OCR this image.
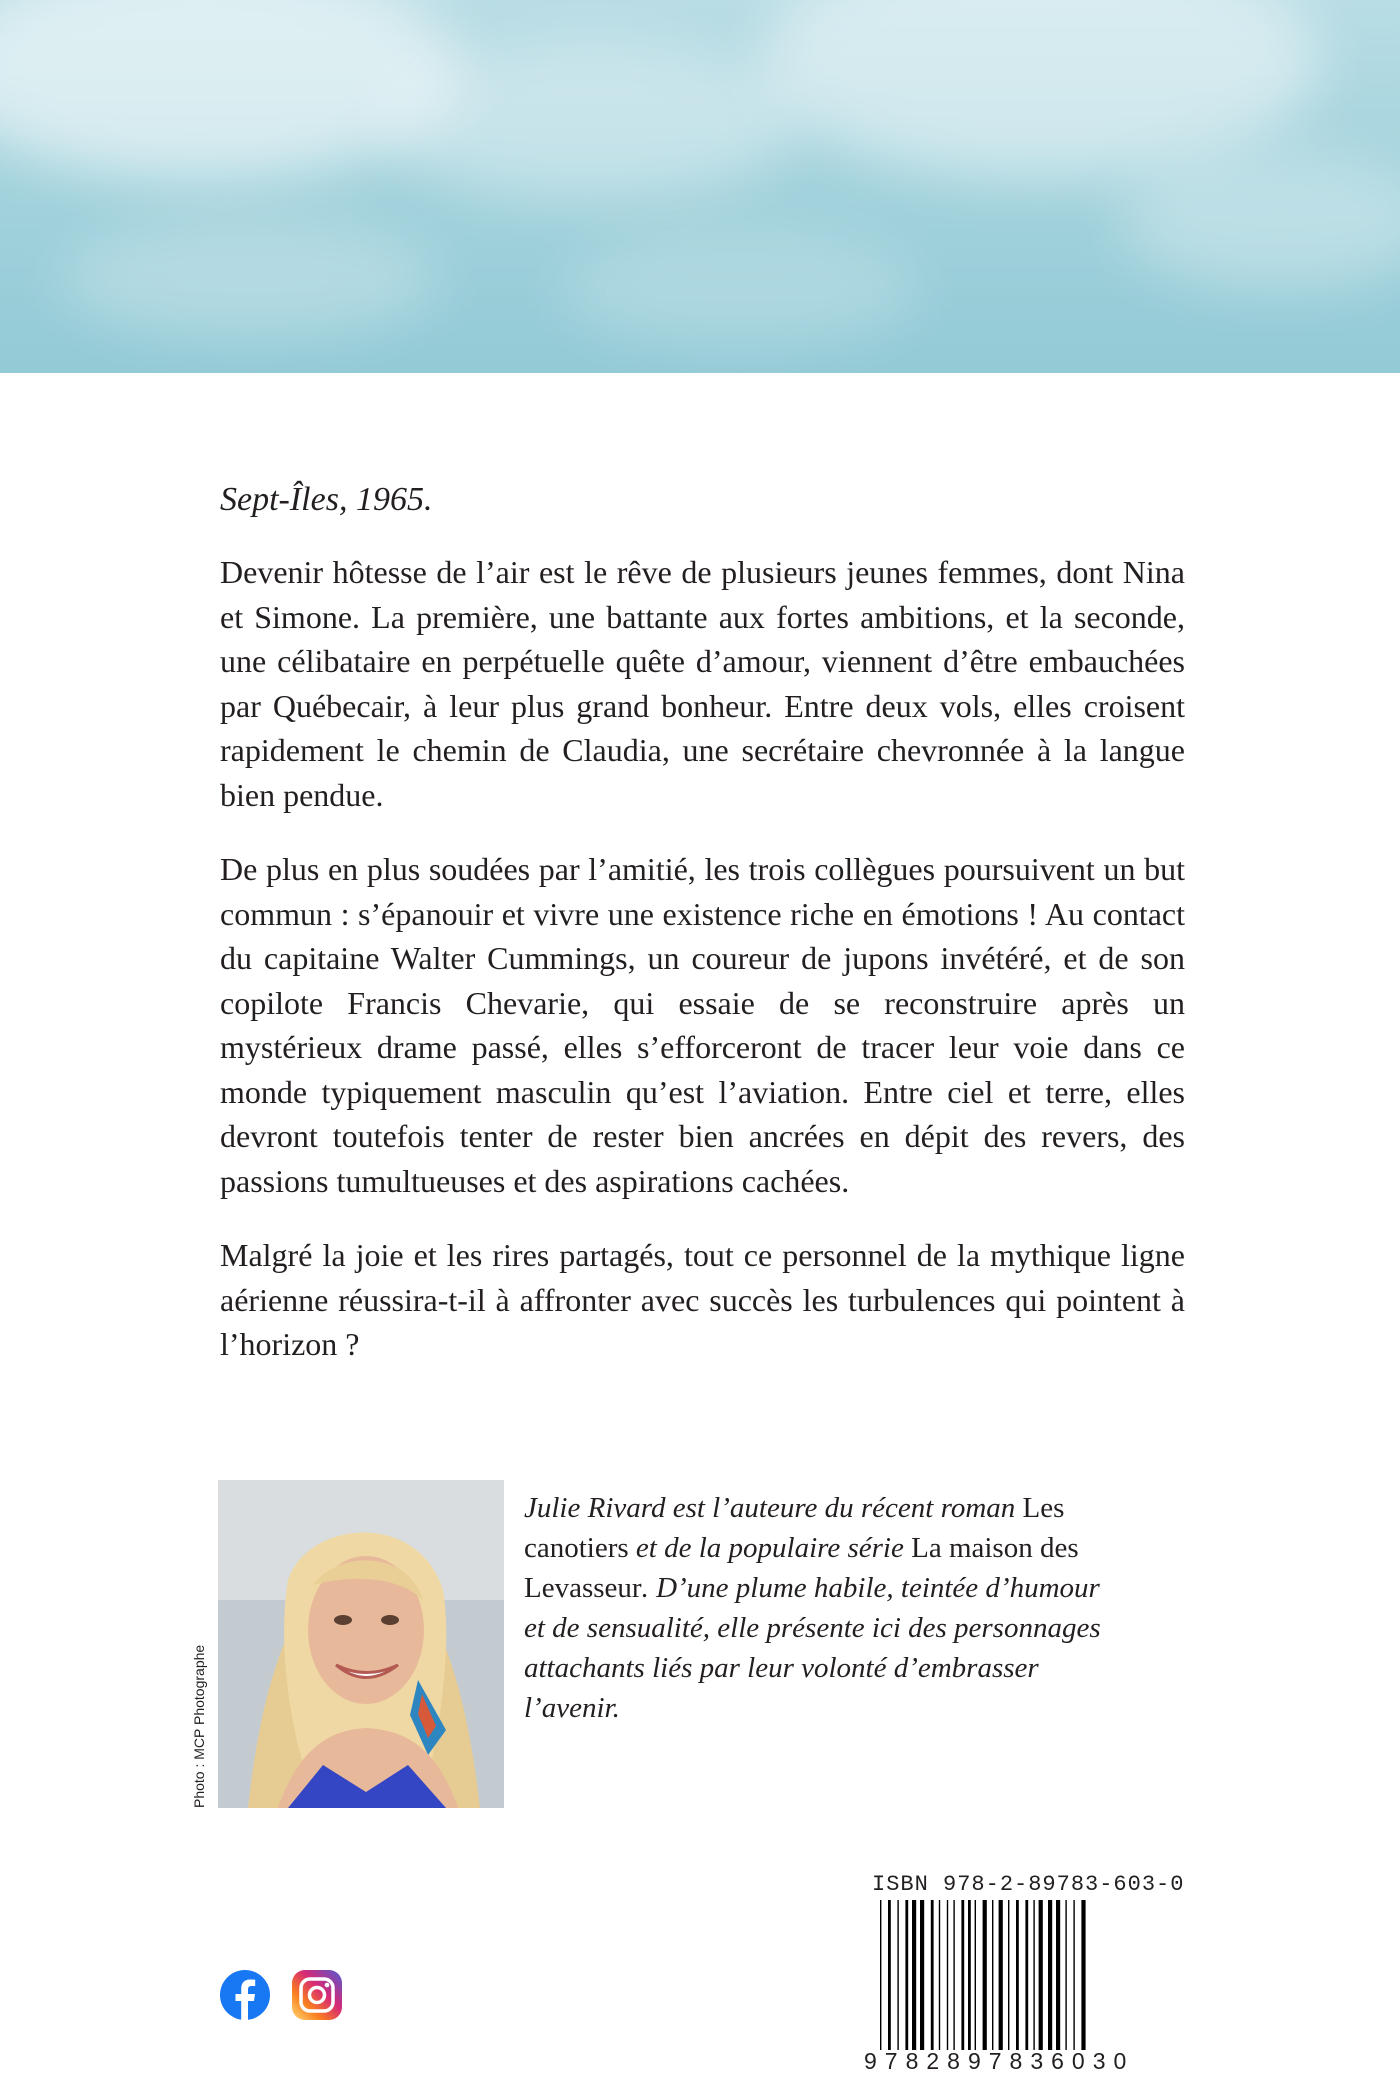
Sept-Îles, 1965.

Devenir hôtesse de l’air est le rêve de plusieurs jeunes femmes, dont Nina et Simone. La première, une battante aux fortes ambitions, et la seconde, une célibataire en perpétuelle quête d’amour, viennent d’être embauchées par Québecair, à leur plus grand bonheur. Entre deux vols, elles croisent rapidement le chemin de Claudia, une secrétaire chevronnée à la langue bien pendue.

De plus en plus soudées par l’amitié, les trois collègues poursuivent un but commun : s’épanouir et vivre une existence riche en émotions ! Au contact du capitaine Walter Cummings, un coureur de jupons invétéré, et de son copilote Francis Chevarie, qui essaie de se reconstruire après un mystérieux drame passé, elles s’efforceront de tracer leur voie dans ce monde typiquement masculin qu’est l’aviation. Entre ciel et terre, elles devront toutefois tenter de rester bien ancrées en dépit des revers, des passions tumultueuses et des aspirations cachées.

Malgré la joie et les rires partagés, tout ce personnel de la mythique ligne aérienne réussira-t-il à affronter avec succès les turbulences qui pointent à l’horizon ?

Photo : MCP Photographe
Julie Rivard est l’auteure du récent roman Les canotiers et de la populaire série La maison des Levasseur. D’une plume habile, teintée d’humour et de sensualité, elle présente ici des personnages attachants liés par leur volonté d’embrasser l’avenir.
ISBN 978-2-89783-603-0
9782897836030
